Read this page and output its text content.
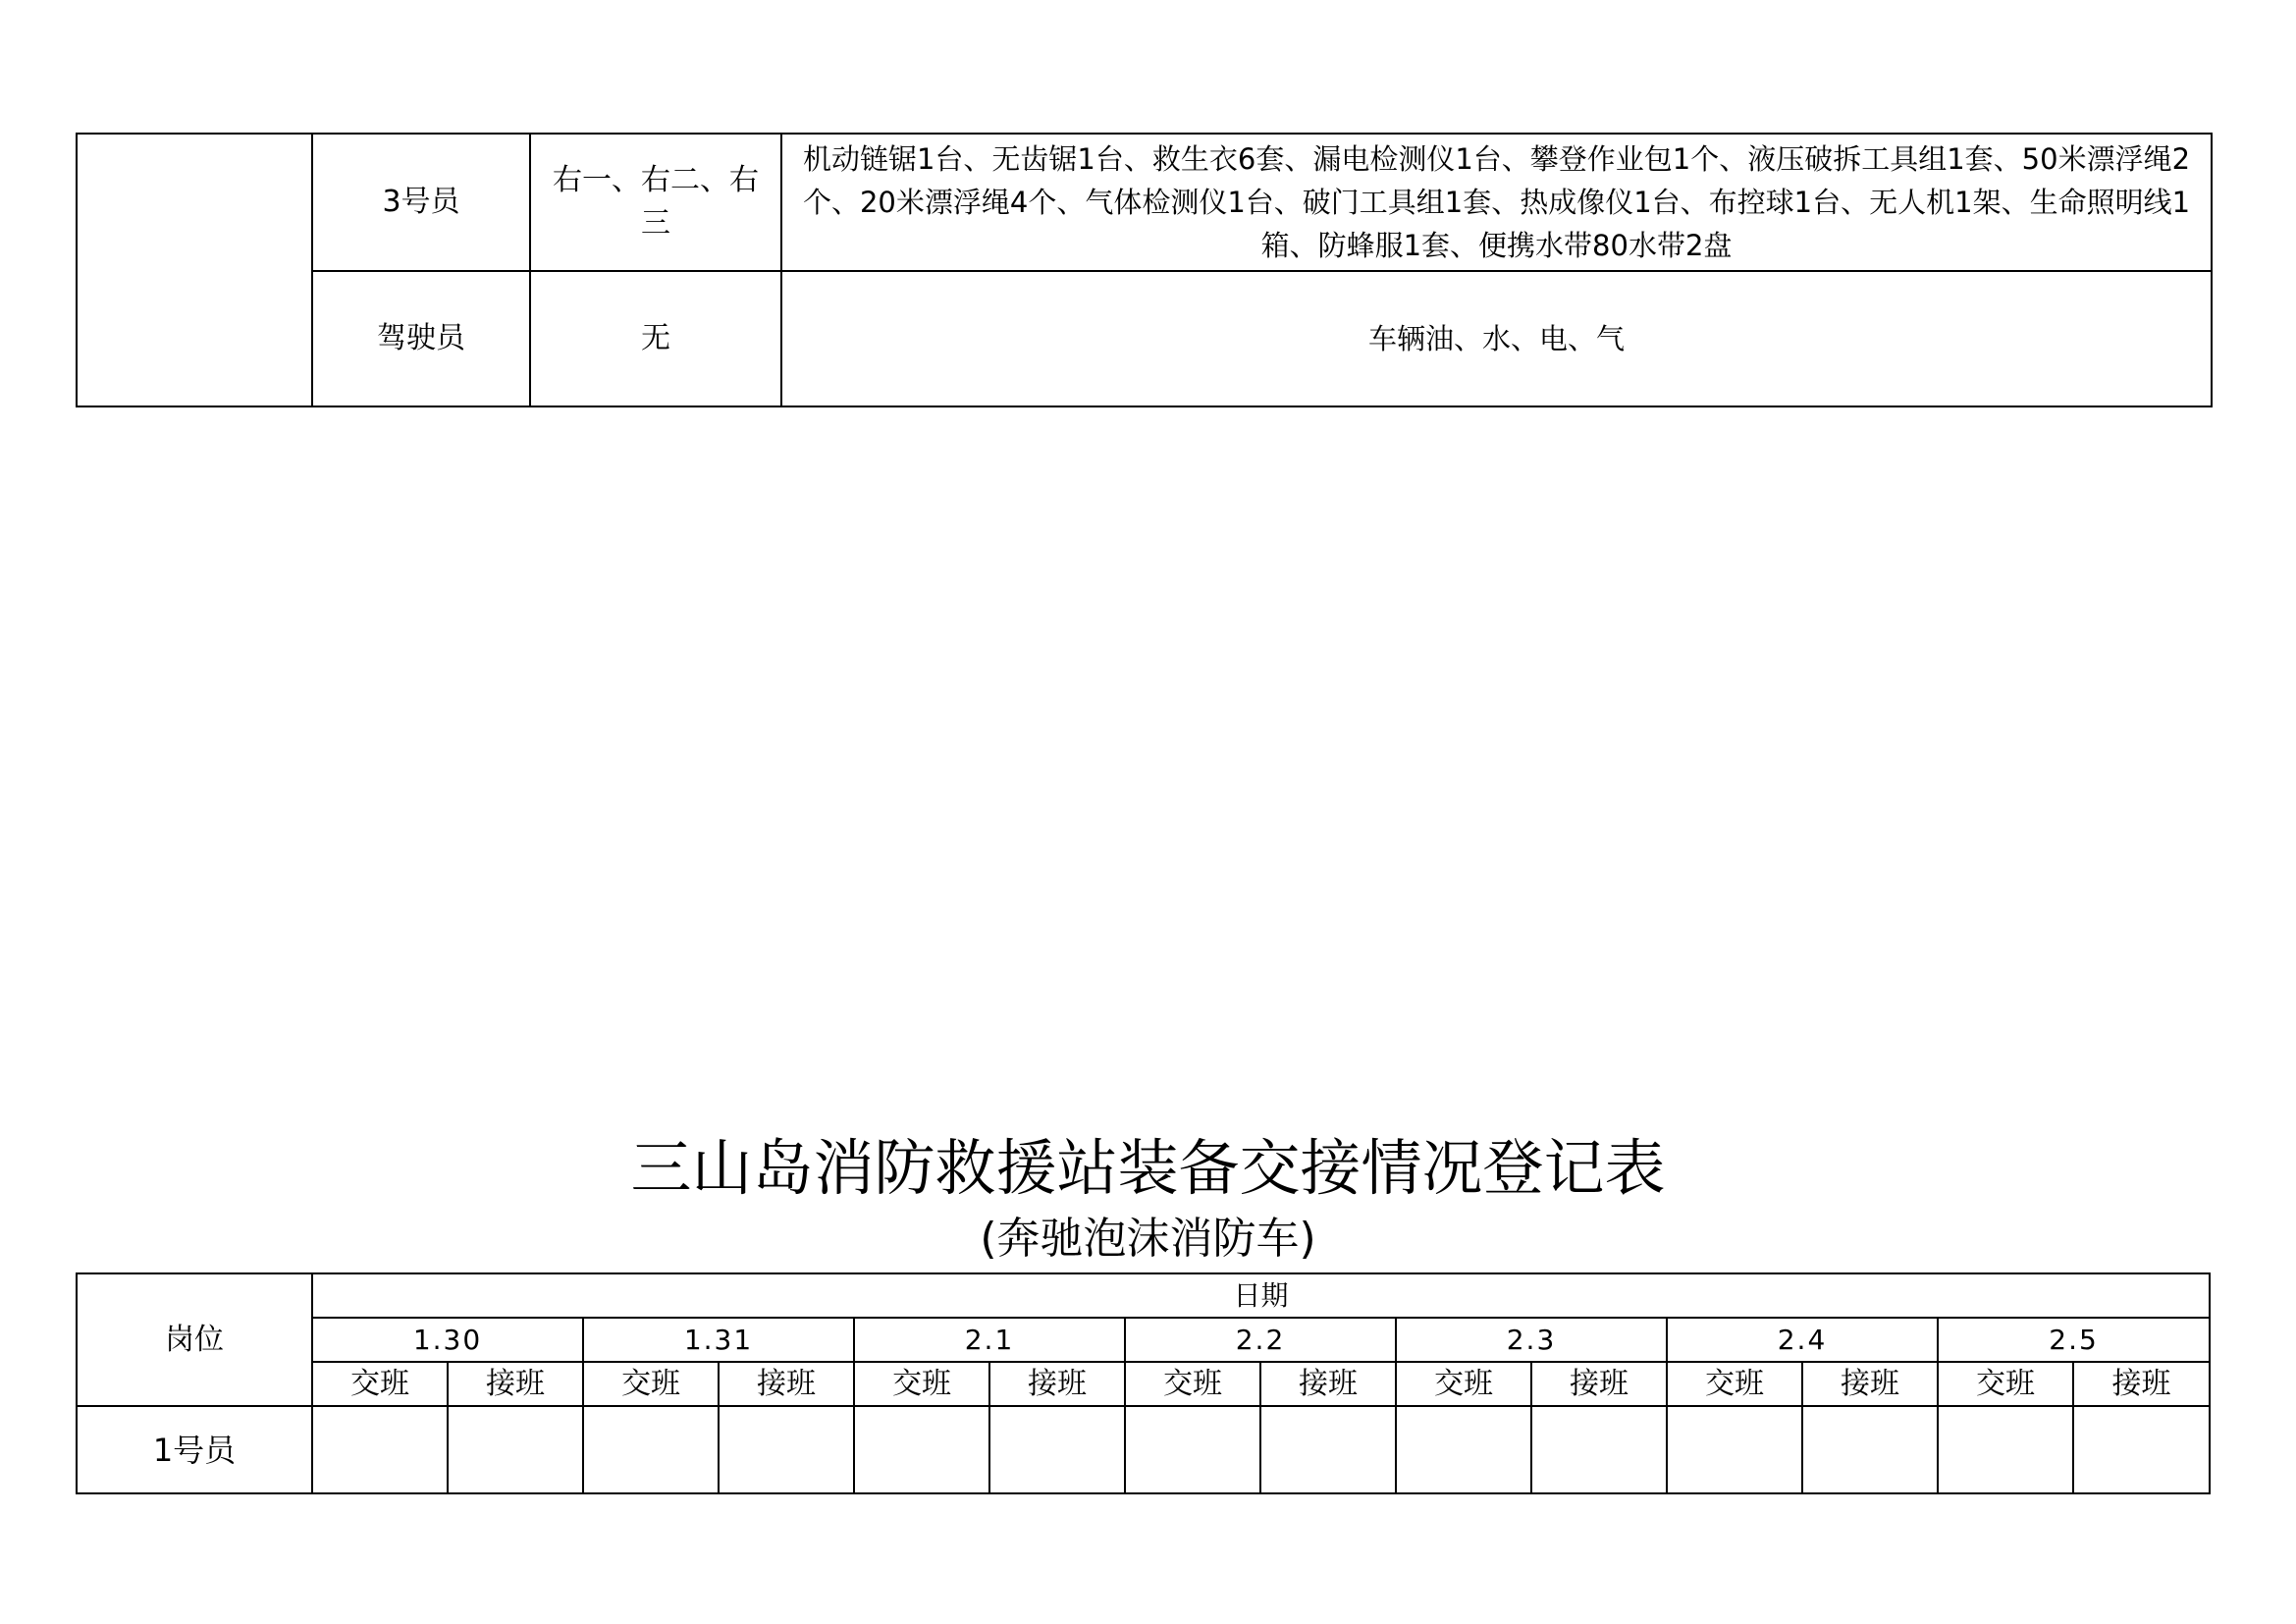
	3号员	右一、右二、右三	机动链锯1台、无齿锯1台、救生衣6套、漏电检测仪1台、攀登作业包1个、液压破拆工具组1套、50米漂浮绳2个、20米漂浮绳4个、气体检测仪1台、破门工具组1套、热成像仪1台、布控球1台、无人机1架、生命照明线1箱、防蜂服1套、便携水带80水带2盘
	驾驶员	无	车辆油、水、电、气
三山岛消防救援站装备交接情况登记表
(奔驰泡沫消防车)
岗位	日期													
	1.30		1.31		2.1		2.2		2.3		2.4		2.5	
	交班	接班	交班	接班	交班	接班	交班	接班	交班	接班	交班	接班	交班	接班
1号员														
